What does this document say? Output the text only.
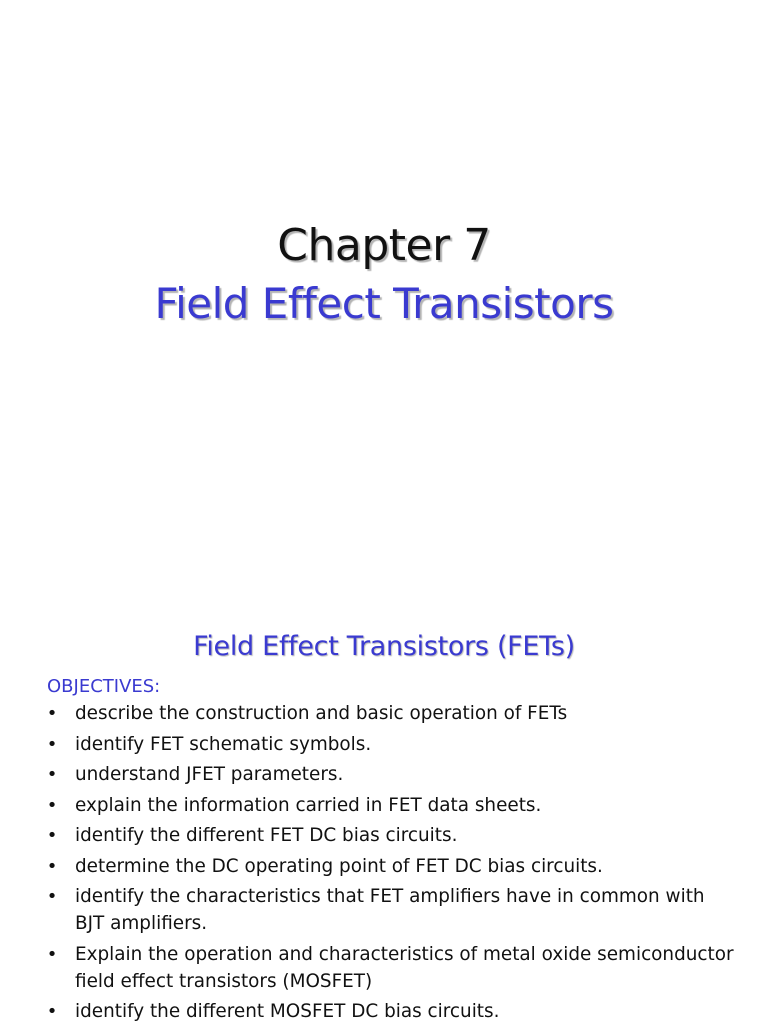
Chapter 7
Field Effect Transistors
Field Effect Transistors (FETs)
OBJECTIVES:
• describe the construction and basic operation of FETs
• identify FET schematic symbols.
• understand JFET parameters.
• explain the information carried in FET data sheets.
• identify the different FET DC bias circuits.
• determine the DC operating point of FET DC bias circuits.
• identify the characteristics that FET amplifiers have in common with BJT amplifiers.
• Explain the operation and characteristics of metal oxide semiconductor field effect transistors (MOSFET)
• identify the different MOSFET DC bias circuits.
